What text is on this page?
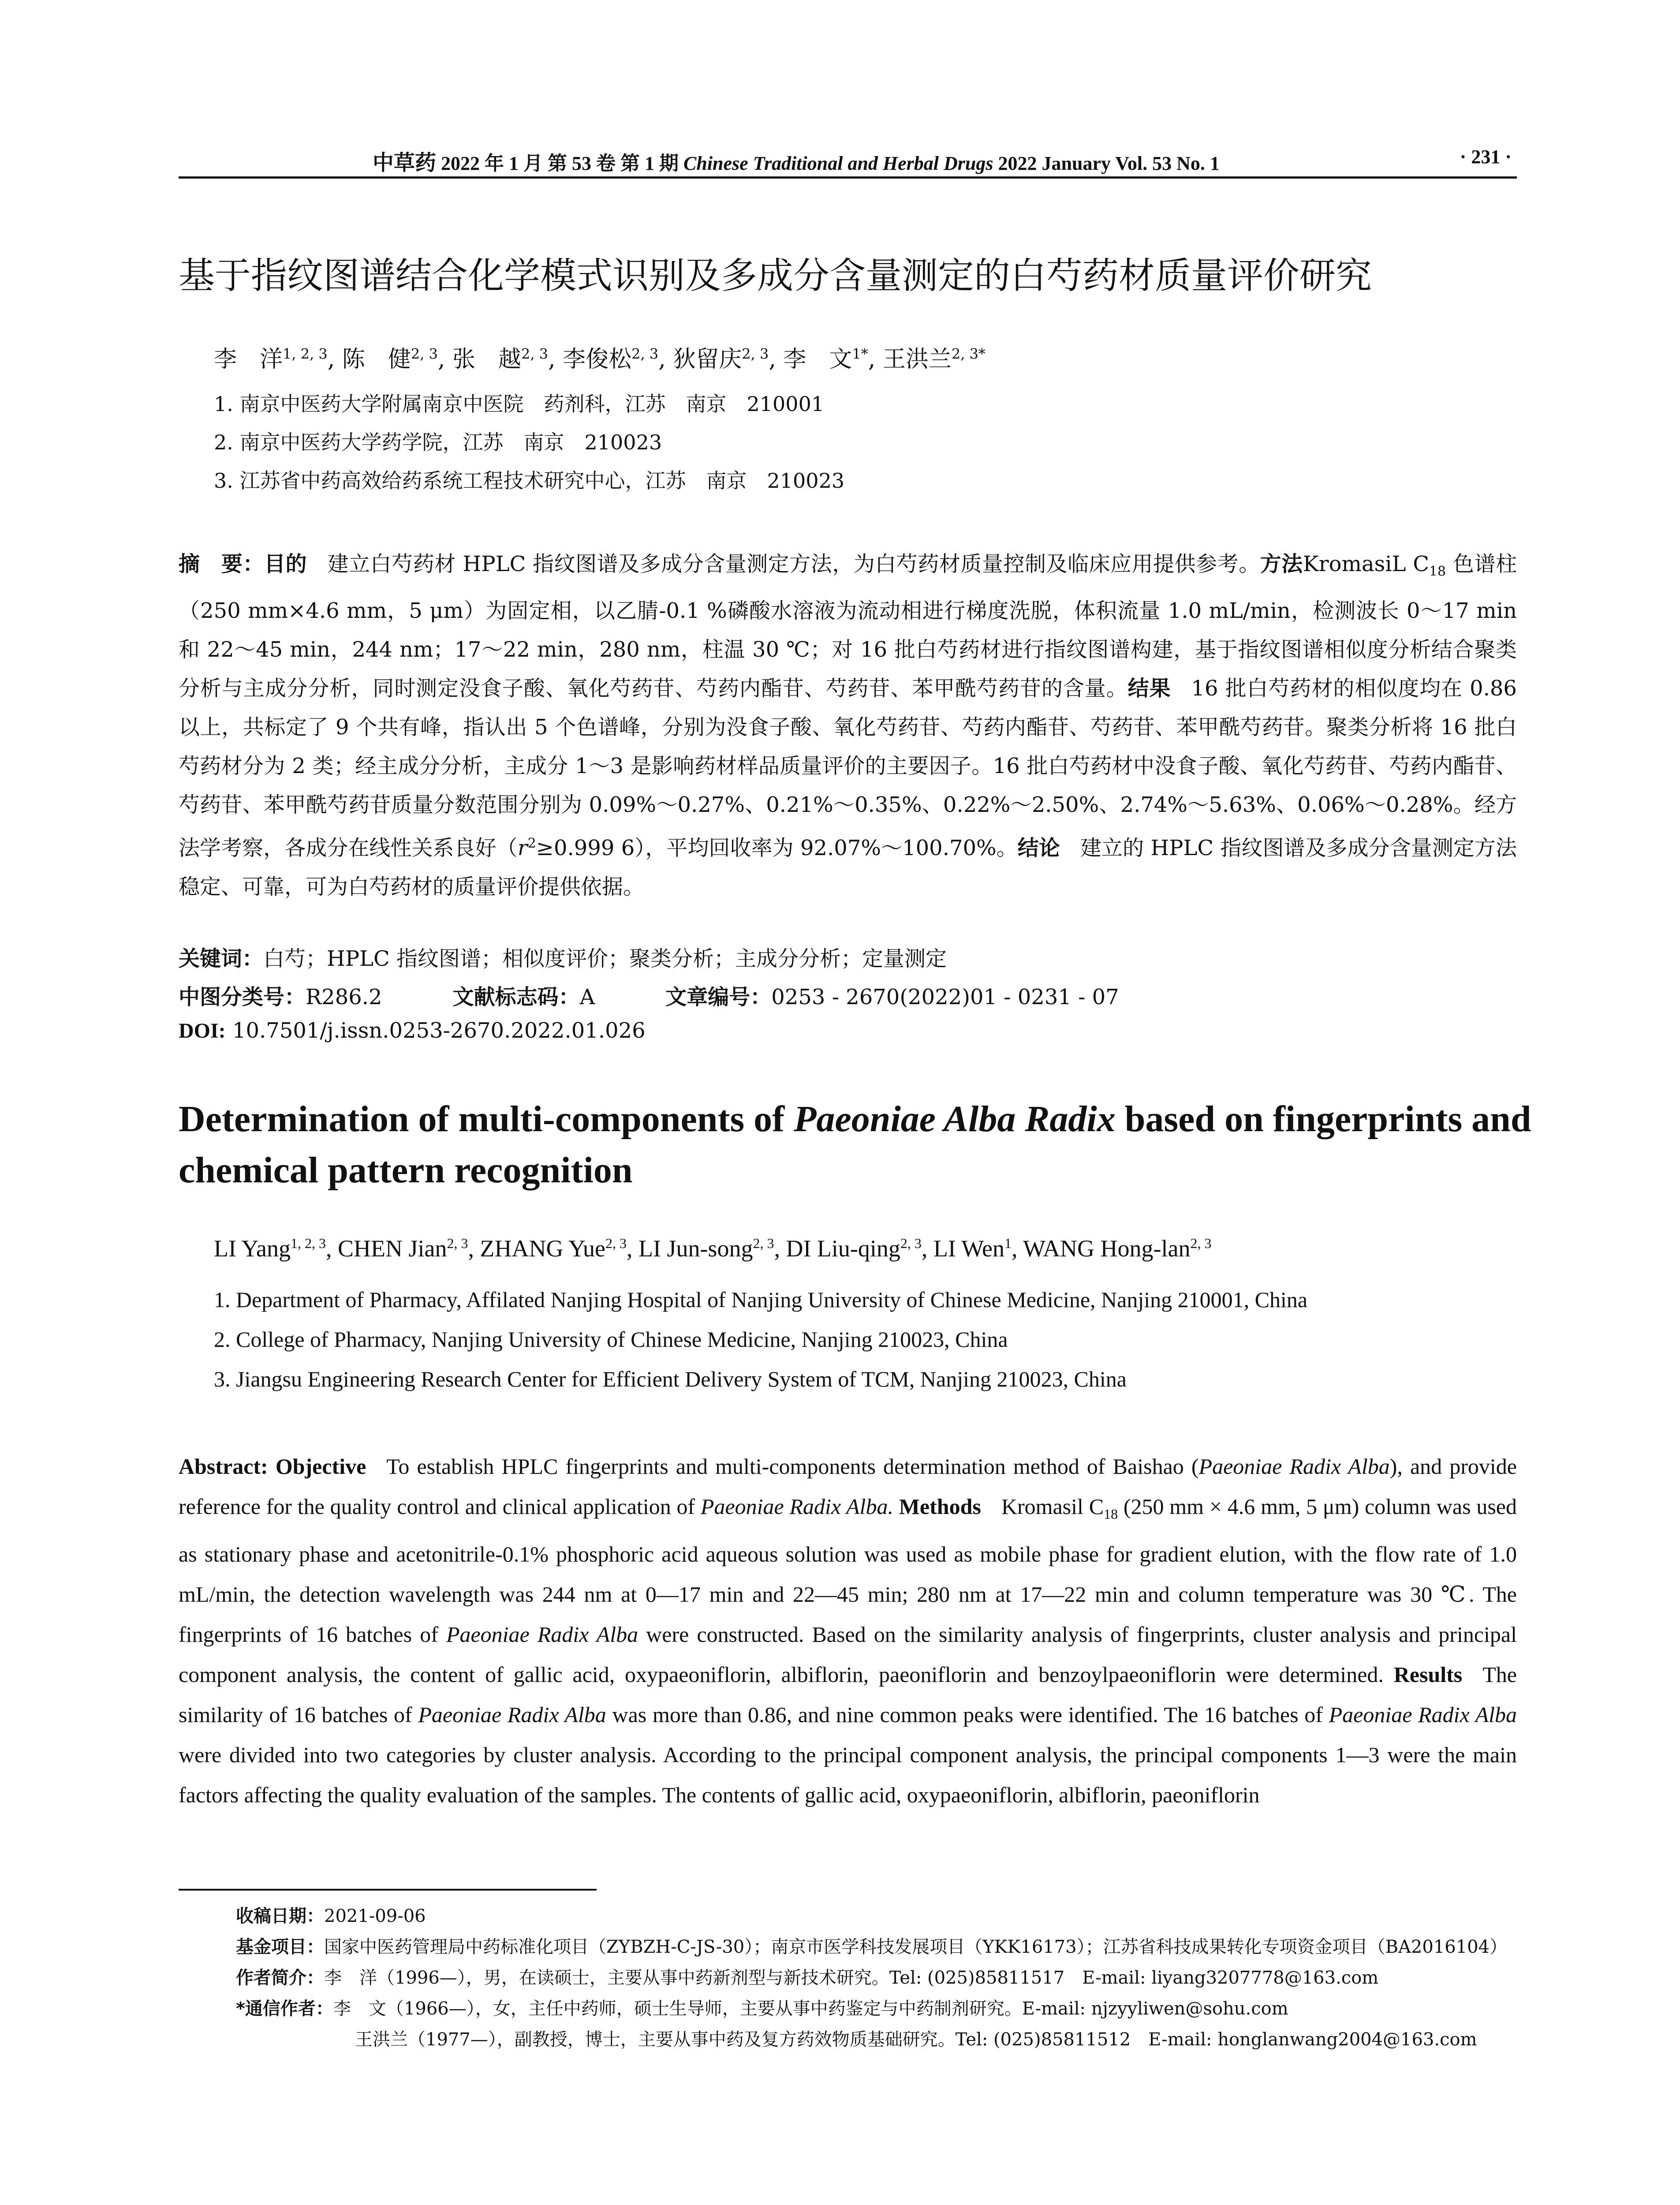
中草药 2022 年 1 月 第 53 卷 第 1 期 Chinese Traditional and Herbal Drugs 2022 January Vol. 53 No. 1	· 231 ·
基于指纹图谱结合化学模式识别及多成分含量测定的白芍药材质量评价研究
李　洋$^{1, 2, 3}$, 陈　健$^{2, 3}$, 张　越$^{2, 3}$, 李俊松$^{2, 3}$, 狄留庆$^{2, 3}$, 李　文$^{1*}$, 王洪兰$^{2, 3*}$
1. 南京中医药大学附属南京中医院　药剂科，江苏　南京　210001
2. 南京中医药大学药学院，江苏　南京　210023
3. 江苏省中药高效给药系统工程技术研究中心，江苏　南京　210023
摘　要：目的 建立白芍药材 HPLC 指纹图谱及多成分含量测定方法，为白芍药材质量控制及临床应用提供参考。方法KromasiL $C_{18}$ 色谱柱（250 mm×4.6 mm，5 μm）为固定相，以乙腈-0.1 %磷酸水溶液为流动相进行梯度洗脱，体积流量 1.0 mL/min，检测波长 0～17 min 和 22～45 min，244 nm；17～22 min，280 nm，柱温 30 ℃；对 16 批白芍药材进行指纹图谱构建，基于指纹图谱相似度分析结合聚类分析与主成分分析，同时测定没食子酸、氧化芍药苷、芍药内酯苷、芍药苷、苯甲酰芍药苷的含量。结果 16 批白芍药材的相似度均在 0.86 以上，共标定了 9 个共有峰，指认出 5 个色谱峰，分别为没食子酸、氧化芍药苷、芍药内酯苷、芍药苷、苯甲酰芍药苷。聚类分析将 16 批白芍药材分为 2 类；经主成分分析，主成分 1～3 是影响药材样品质量评价的主要因子。16 批白芍药材中没食子酸、氧化芍药苷、芍药内酯苷、芍药苷、苯甲酰芍药苷质量分数范围分别为 0.09%～0.27%、0.21%～0.35%、0.22%～2.50%、2.74%～5.63%、0.06%～0.28%。经方法学考察，各成分在线性关系良好（$r^2\ge 0.999$ 6），平均回收率为 92.07%～100.70%。结论 建立的 HPLC 指纹图谱及多成分含量测定方法稳定、可靠，可为白芍药材的质量评价提供依据。
关键词：白芍；HPLC 指纹图谱；相似度评价；聚类分析；主成分分析；定量测定
中图分类号：R286.2	文献标志码：A	文章编号：0253 - 2670(2022)01 - 0231 - 07
DOI: 10.7501/j.issn.0253-2670.2022.01.026
Determination of multi-components of Paeoniae Alba Radix based on fingerprints and chemical pattern recognition
LI Yang$^{1, 2, 3}$, CHEN Jian$^{2, 3}$, ZHANG Yue$^{2, 3}$, LI Jun-song$^{2, 3}$, DI Liu-qing$^{2, 3}$, LI Wen$^1$, WANG Hong-lan$^{2, 3}$
1. Department of Pharmacy, Affilated Nanjing Hospital of Nanjing University of Chinese Medicine, Nanjing 210001, China
2. College of Pharmacy, Nanjing University of Chinese Medicine, Nanjing 210023, China
3. Jiangsu Engineering Research Center for Efficient Delivery System of TCM, Nanjing 210023, China
Abstract: Objective To establish HPLC fingerprints and multi-components determination method of Baishao (Paeoniae Radix Alba), and provide reference for the quality control and clinical application of Paeoniae Radix Alba. Methods Kromasil $C_{18}$ (250 mm × 4.6 mm, 5 μm) column was used as stationary phase and acetonitrile-0.1% phosphoric acid aqueous solution was used as mobile phase for gradient elution, with the flow rate of 1.0 mL/min, the detection wavelength was 244 nm at 0—17 min and 22—45 min; 280 nm at 17—22 min and column temperature was 30 ℃. The fingerprints of 16 batches of Paeoniae Radix Alba were constructed. Based on the similarity analysis of fingerprints, cluster analysis and principal component analysis, the content of gallic acid, oxypaeoniflorin, albiflorin, paeoniflorin and benzoylpaeoniflorin were determined. Results The similarity of 16 batches of Paeoniae Radix Alba was more than 0.86, and nine common peaks were identified. The 16 batches of Paeoniae Radix Alba were divided into two categories by cluster analysis. According to the principal component analysis, the principal components 1—3 were the main factors affecting the quality evaluation of the samples. The contents of gallic acid, oxypaeoniflorin, albiflorin, paeoniflorin
收稿日期：2021-09-06
基金项目：国家中医药管理局中药标准化项目（ZYBZH-C-JS-30）；南京市医学科技发展项目（YKK16173）；江苏省科技成果转化专项资金项目（BA2016104）
作者简介：李　洋（1996—），男，在读硕士，主要从事中药新剂型与新技术研究。Tel: (025)85811517　E-mail: liyang3207778@163.com
*通信作者：李　文（1966—），女，主任中药师，硕士生导师，主要从事中药鉴定与中药制剂研究。E-mail: njzyyliwen@sohu.com
王洪兰（1977—），副教授，博士，主要从事中药及复方药效物质基础研究。Tel: (025)85811512　E-mail: honglanwang2004@163.com
